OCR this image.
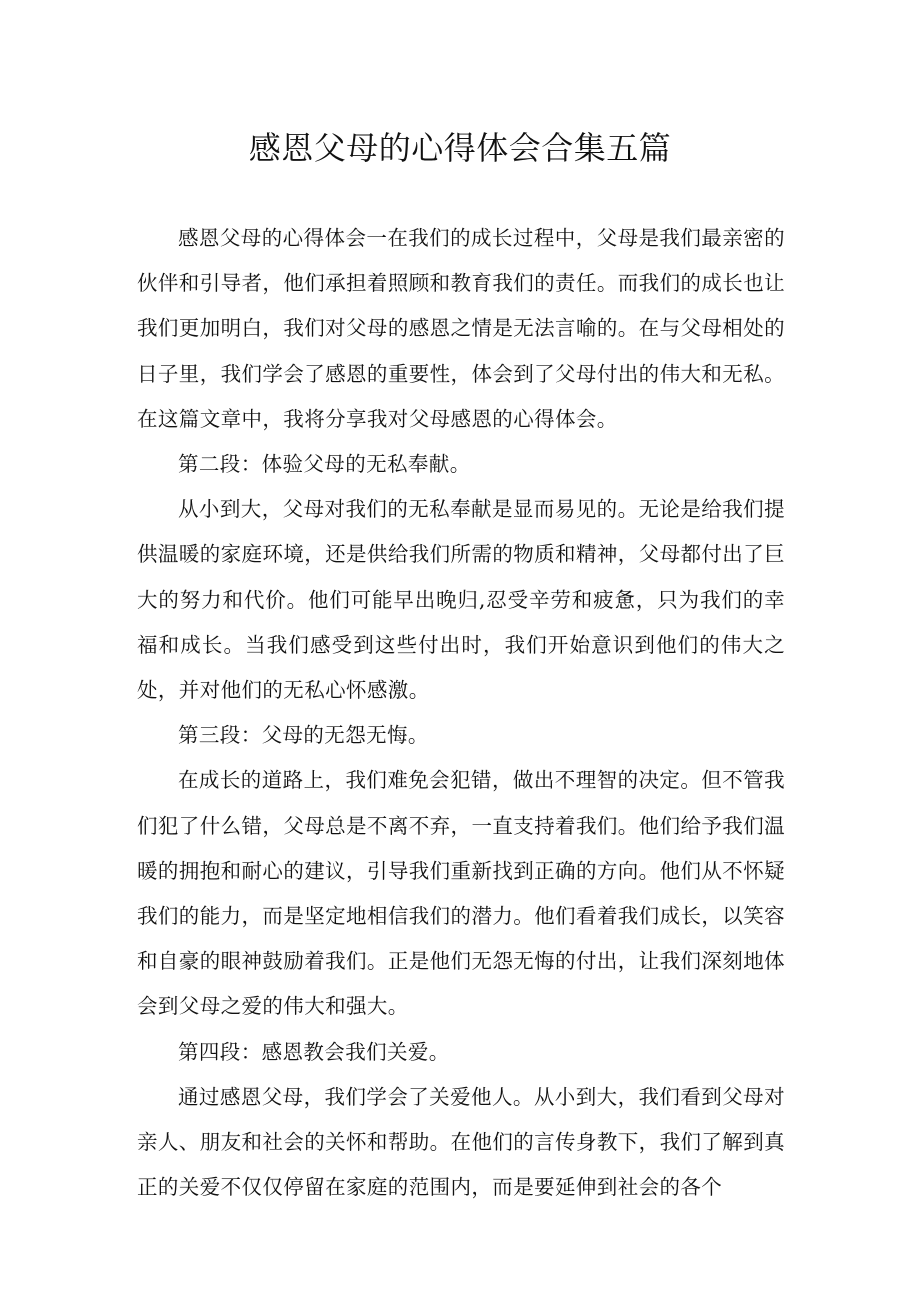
感恩父母的心得体会合集五篇

感恩父母的心得体会一在我们的成长过程中，父母是我们最亲密的伙伴和引导者，他们承担着照顾和教育我们的责任。而我们的成长也让我们更加明白，我们对父母的感恩之情是无法言喻的。在与父母相处的日子里，我们学会了感恩的重要性，体会到了父母付出的伟大和无私。在这篇文章中，我将分享我对父母感恩的心得体会。

第二段：体验父母的无私奉献。

从小到大，父母对我们的无私奉献是显而易见的。无论是给我们提供温暖的家庭环境，还是供给我们所需的物质和精神，父母都付出了巨大的努力和代价。他们可能早出晚归,忍受辛劳和疲惫，只为我们的幸福和成长。当我们感受到这些付出时，我们开始意识到他们的伟大之处，并对他们的无私心怀感激。

第三段：父母的无怨无悔。

在成长的道路上，我们难免会犯错，做出不理智的决定。但不管我们犯了什么错，父母总是不离不弃，一直支持着我们。他们给予我们温暖的拥抱和耐心的建议，引导我们重新找到正确的方向。他们从不怀疑我们的能力，而是坚定地相信我们的潜力。他们看着我们成长，以笑容和自豪的眼神鼓励着我们。正是他们无怨无悔的付出，让我们深刻地体会到父母之爱的伟大和强大。

第四段：感恩教会我们关爱。

通过感恩父母，我们学会了关爱他人。从小到大，我们看到父母对亲人、朋友和社会的关怀和帮助。在他们的言传身教下，我们了解到真正的关爱不仅仅停留在家庭的范围内，而是要延伸到社会的各个
